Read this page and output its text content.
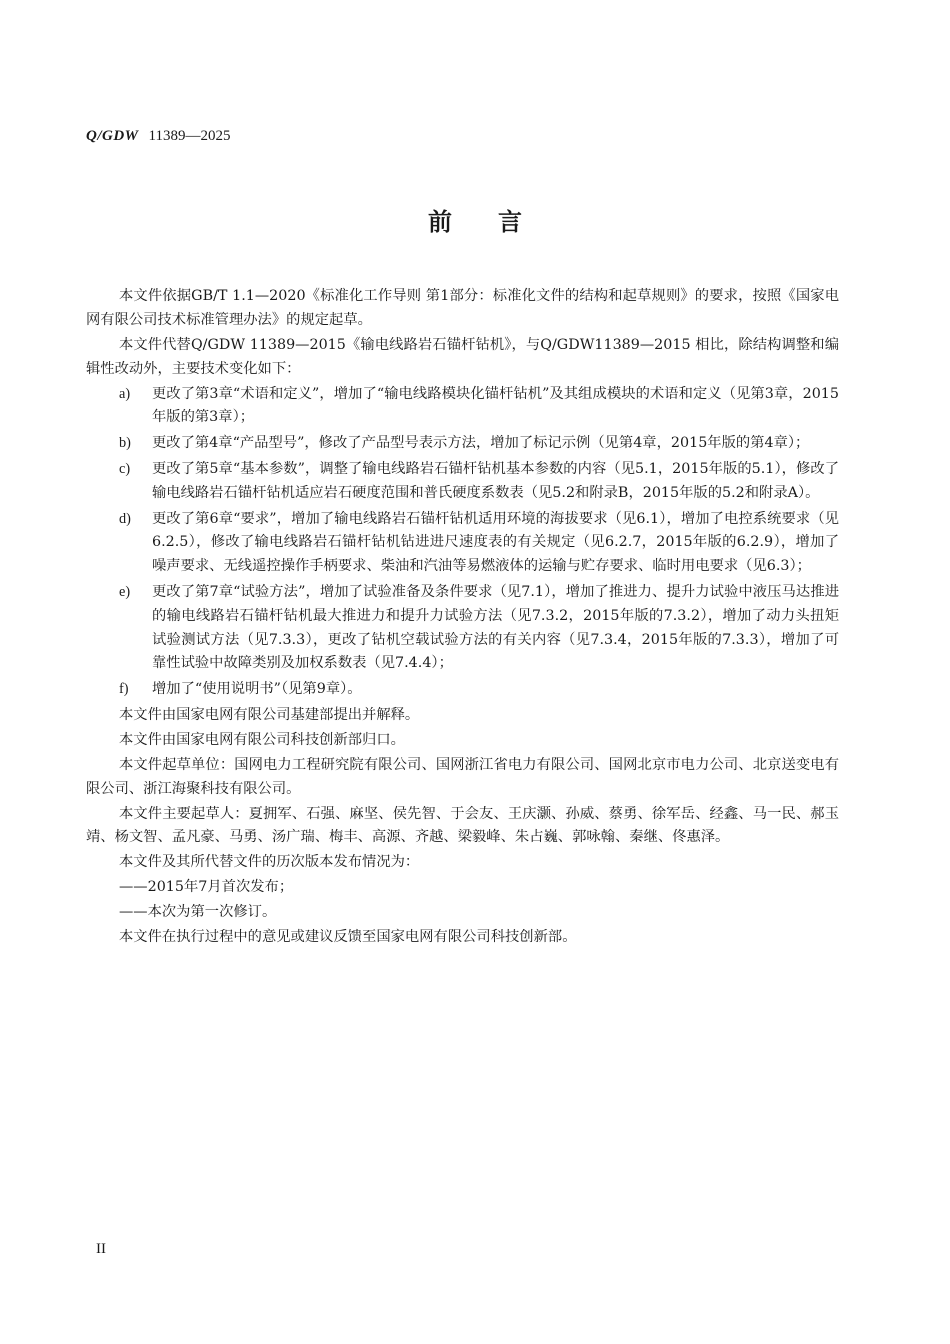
Q/GDW 11389—2025
前言

本文件依据GB/T 1.1—2020《标准化工作导则 第1部分：标准化文件的结构和起草规则》的要求，按照《国家电网有限公司技术标准管理办法》的规定起草。

本文件代替Q/GDW 11389—2015《输电线路岩石锚杆钻机》，与Q/GDW11389—2015 相比，除结构调整和编辑性改动外，主要技术变化如下：

a) 更改了第3章“术语和定义”，增加了“输电线路模块化锚杆钻机”及其组成模块的术语和定义（见第3章，2015年版的第3章）；
b) 更改了第4章“产品型号”，修改了产品型号表示方法，增加了标记示例（见第4章，2015年版的第4章）；
c) 更改了第5章“基本参数”，调整了输电线路岩石锚杆钻机基本参数的内容（见5.1，2015年版的5.1），修改了输电线路岩石锚杆钻机适应岩石硬度范围和普氏硬度系数表（见5.2和附录B，2015年版的5.2和附录A）。
d) 更改了第6章“要求”，增加了输电线路岩石锚杆钻机适用环境的海拔要求（见6.1），增加了电控系统要求（见6.2.5），修改了输电线路岩石锚杆钻机钻进进尺速度表的有关规定（见6.2.7，2015年版的6.2.9），增加了噪声要求、无线遥控操作手柄要求、柴油和汽油等易燃液体的运输与贮存要求、临时用电要求（见6.3）；
e) 更改了第7章“试验方法”，增加了试验准备及条件要求（见7.1），增加了推进力、提升力试验中液压马达推进的输电线路岩石锚杆钻机最大推进力和提升力试验方法（见7.3.2，2015年版的7.3.2），增加了动力头扭矩试验测试方法（见7.3.3），更改了钻机空载试验方法的有关内容（见7.3.4，2015年版的7.3.3），增加了可靠性试验中故障类别及加权系数表（见7.4.4）；
f) 增加了“使用说明书”（见第9章）。

本文件由国家电网有限公司基建部提出并解释。

本文件由国家电网有限公司科技创新部归口。

本文件起草单位：国网电力工程研究院有限公司、国网浙江省电力有限公司、国网北京市电力公司、北京送变电有限公司、浙江海聚科技有限公司。

本文件主要起草人：夏拥军、石强、麻坚、侯先智、于会友、王庆灏、孙威、蔡勇、徐军岳、经鑫、马一民、郝玉靖、杨文智、孟凡豪、马勇、汤广瑞、梅丰、高源、齐越、梁毅峰、朱占巍、郭咏翰、秦继、佟惠泽。

本文件及其所代替文件的历次版本发布情况为：

——2015年7月首次发布；

——本次为第一次修订。

本文件在执行过程中的意见或建议反馈至国家电网有限公司科技创新部。

II
